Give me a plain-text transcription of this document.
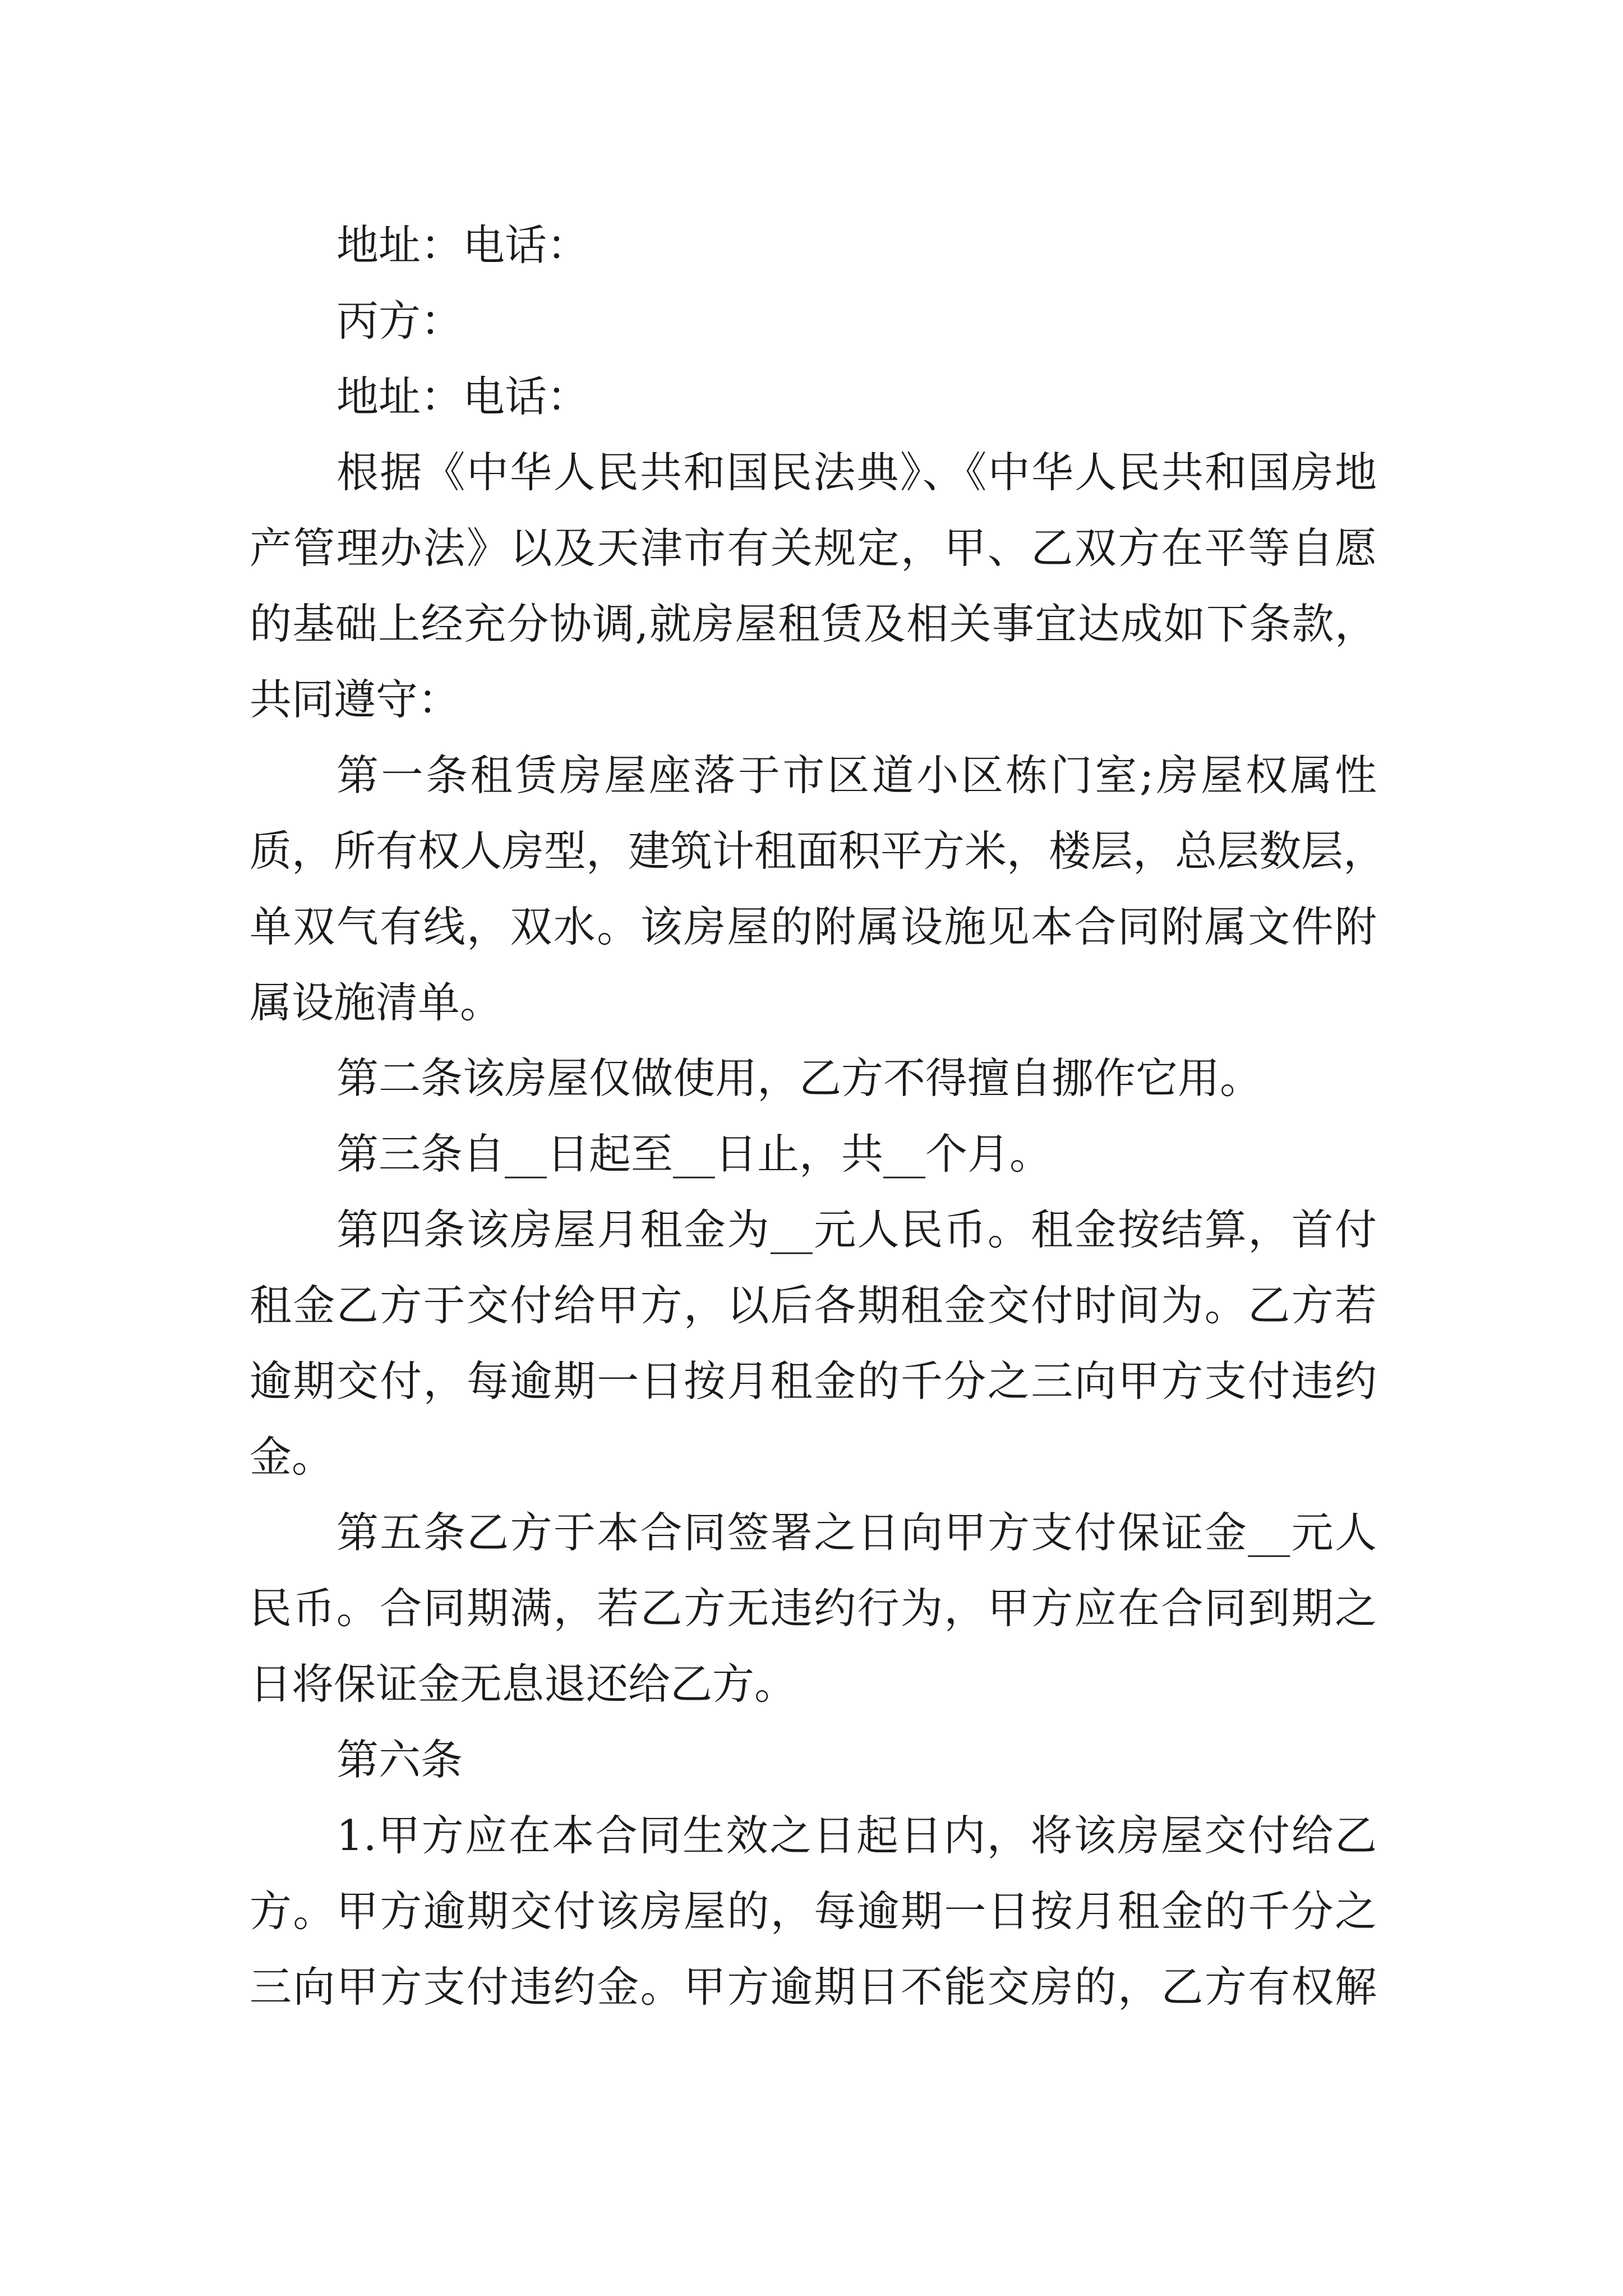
地址：电话：
丙方：
地址：电话：
根据《中华人民共和国民法典》、《中华人民共和国房地
产管理办法》以及天津市有关规定，甲、乙双方在平等自愿
的基础上经充分协调,就房屋租赁及相关事宜达成如下条款，
共同遵守：
第一条租赁房屋座落于市区道小区栋门室;房屋权属性
质，所有权人房型，建筑计租面积平方米，楼层，总层数层，
单双气有线，双水。该房屋的附属设施见本合同附属文件附
属设施清单。
第二条该房屋仅做使用，乙方不得擅自挪作它用。
第三条自__日起至__日止，共__个月。
第四条该房屋月租金为__元人民币。租金按结算，首付
租金乙方于交付给甲方，以后各期租金交付时间为。乙方若
逾期交付，每逾期一日按月租金的千分之三向甲方支付违约
金。
第五条乙方于本合同签署之日向甲方支付保证金__元人
民币。合同期满，若乙方无违约行为，甲方应在合同到期之
日将保证金无息退还给乙方。
第六条
1.甲方应在本合同生效之日起日内，将该房屋交付给乙
方。甲方逾期交付该房屋的，每逾期一日按月租金的千分之
三向甲方支付违约金。甲方逾期日不能交房的，乙方有权解
